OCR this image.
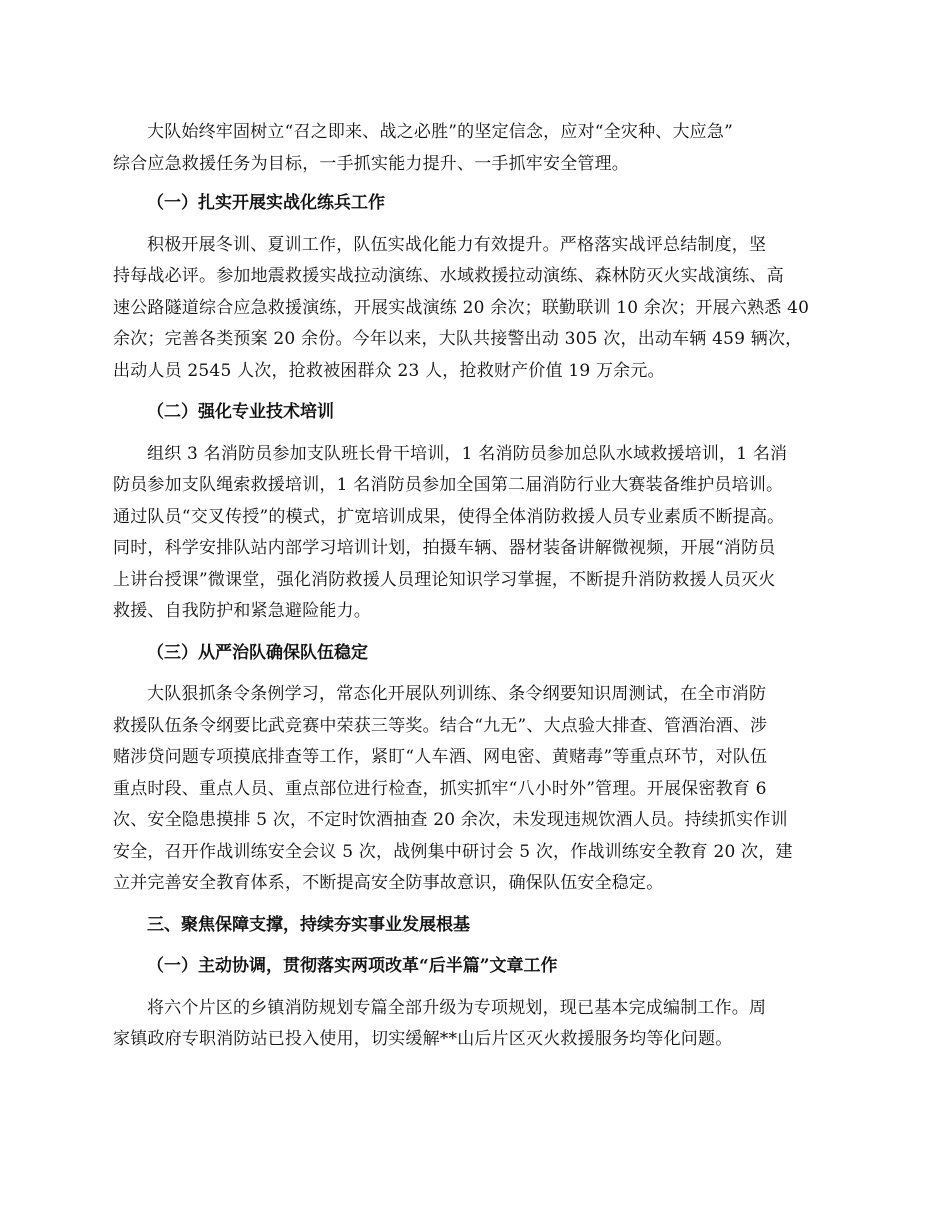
大队始终牢固树立“召之即来、战之必胜”的坚定信念，应对“全灾种、大应急”
综合应急救援任务为目标，一手抓实能力提升、一手抓牢安全管理。

（一）扎实开展实战化练兵工作

积极开展冬训、夏训工作，队伍实战化能力有效提升。严格落实战评总结制度，坚
持每战必评。参加地震救援实战拉动演练、水域救援拉动演练、森林防灭火实战演练、高
速公路隧道综合应急救援演练，开展实战演练 20 余次；联勤联训 10 余次；开展六熟悉 40
余次；完善各类预案 20 余份。今年以来，大队共接警出动 305 次，出动车辆 459 辆次，
出动人员 2545 人次，抢救被困群众 23 人，抢救财产价值 19 万余元。

（二）强化专业技术培训

组织 3 名消防员参加支队班长骨干培训，1 名消防员参加总队水域救援培训，1 名消
防员参加支队绳索救援培训，1 名消防员参加全国第二届消防行业大赛装备维护员培训。
通过队员“交叉传授”的模式，扩宽培训成果，使得全体消防救援人员专业素质不断提高。
同时，科学安排队站内部学习培训计划，拍摄车辆、器材装备讲解微视频，开展“消防员
上讲台授课”微课堂，强化消防救援人员理论知识学习掌握，不断提升消防救援人员灭火
救援、自我防护和紧急避险能力。

（三）从严治队确保队伍稳定

大队狠抓条令条例学习，常态化开展队列训练、条令纲要知识周测试，在全市消防
救援队伍条令纲要比武竞赛中荣获三等奖。结合“九无”、大点验大排查、管酒治酒、涉
赌涉贷问题专项摸底排查等工作，紧盯“人车酒、网电密、黄赌毒”等重点环节，对队伍
重点时段、重点人员、重点部位进行检查，抓实抓牢“八小时外”管理。开展保密教育 6
次、安全隐患摸排 5 次，不定时饮酒抽查 20 余次，未发现违规饮酒人员。持续抓实作训
安全，召开作战训练安全会议 5 次，战例集中研讨会 5 次，作战训练安全教育 20 次，建
立并完善安全教育体系，不断提高安全防事故意识，确保队伍安全稳定。

三、聚焦保障支撑，持续夯实事业发展根基
（一）主动协调，贯彻落实两项改革“后半篇”文章工作

将六个片区的乡镇消防规划专篇全部升级为专项规划，现已基本完成编制工作。周
家镇政府专职消防站已投入使用，切实缓解**山后片区灭火救援服务均等化问题。
